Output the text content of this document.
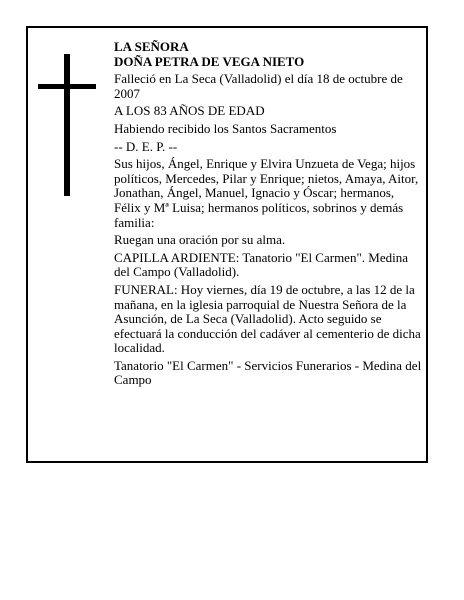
LA SEÑORA

DOÑA PETRA DE VEGA NIETO

Falleció en La Seca (Valladolid) el día 18 de octubre de 2007

A LOS 83 AÑOS DE EDAD

Habiendo recibido los Santos Sacramentos

-- D. E. P. --

Sus hijos, Ángel, Enrique y Elvira Unzueta de Vega; hijos políticos, Mercedes, Pilar y Enrique; nietos, Amaya, Aitor, Jonathan, Ángel, Manuel, Ignacio y Óscar; hermanos, Félix y Mª Luisa; hermanos políticos, sobrinos y demás familia:

Ruegan una oración por su alma.

CAPILLA ARDIENTE: Tanatorio "El Carmen". Medina del Campo (Valladolid).

FUNERAL: Hoy viernes, día 19 de octubre, a las 12 de la mañana, en la iglesia parroquial de Nuestra Señora de la Asunción, de La Seca (Valladolid). Acto seguido se efectuará la conducción del cadáver al cementerio de dicha localidad.

Tanatorio "El Carmen" - Servicios Funerarios - Medina del Campo
